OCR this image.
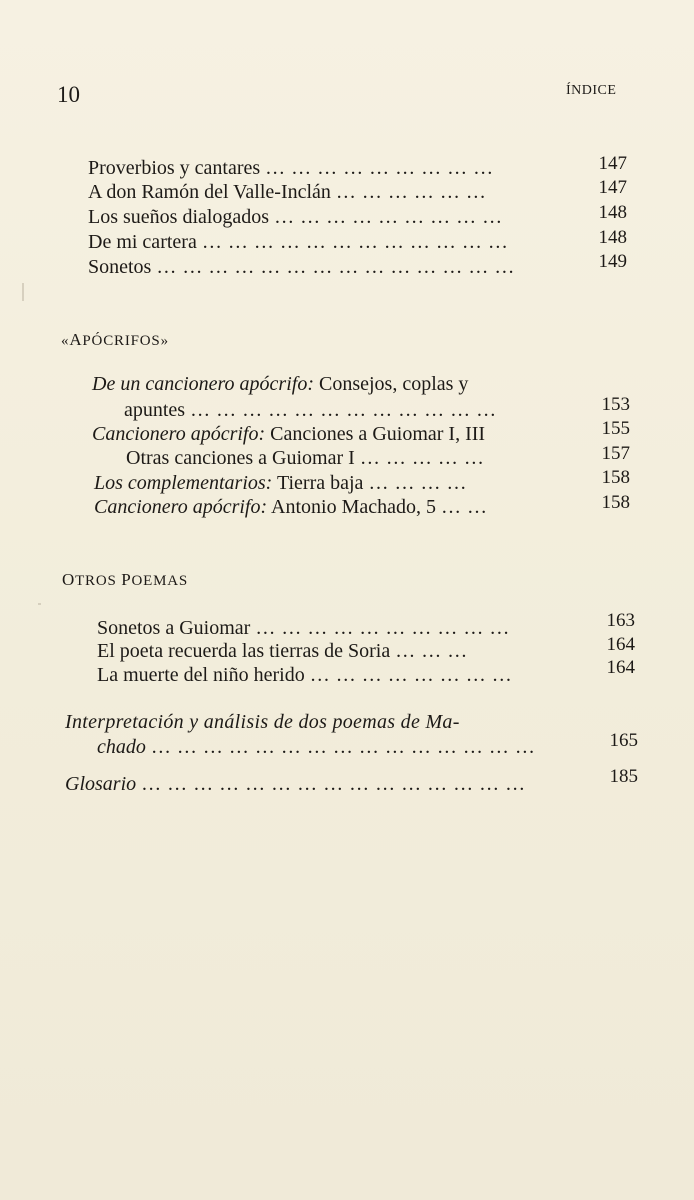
10	ÍNDICE
Proverbios y cantares … … … … … … … … …	147
A don Ramón del Valle-Inclán … … … … … …	147
Los sueños dialogados … … … … … … … … …	148
De mi cartera … … … … … … … … … … … …	148
Sonetos … … … … … … … … … … … … … …	149
«APÓCRIFOS»
De un cancionero apócrifo: Consejos, coplas y
apuntes … … … … … … … … … … … …	153
Cancionero apócrifo: Canciones a Guiomar I, III	155
Otras canciones a Guiomar I … … … … …	157
Los complementarios: Tierra baja … … … …	158
Cancionero apócrifo: Antonio Machado, 5 … …	158
OTROS POEMAS
Sonetos a Guiomar … … … … … … … … … …	163
El poeta recuerda las tierras de Soria … … …	164
La muerte del niño herido … … … … … … … …	164
Interpretación y análisis de dos poemas de Ma-
chado … … … … … … … … … … … … … … …	165
Glosario … … … … … … … … … … … … … … …	185
